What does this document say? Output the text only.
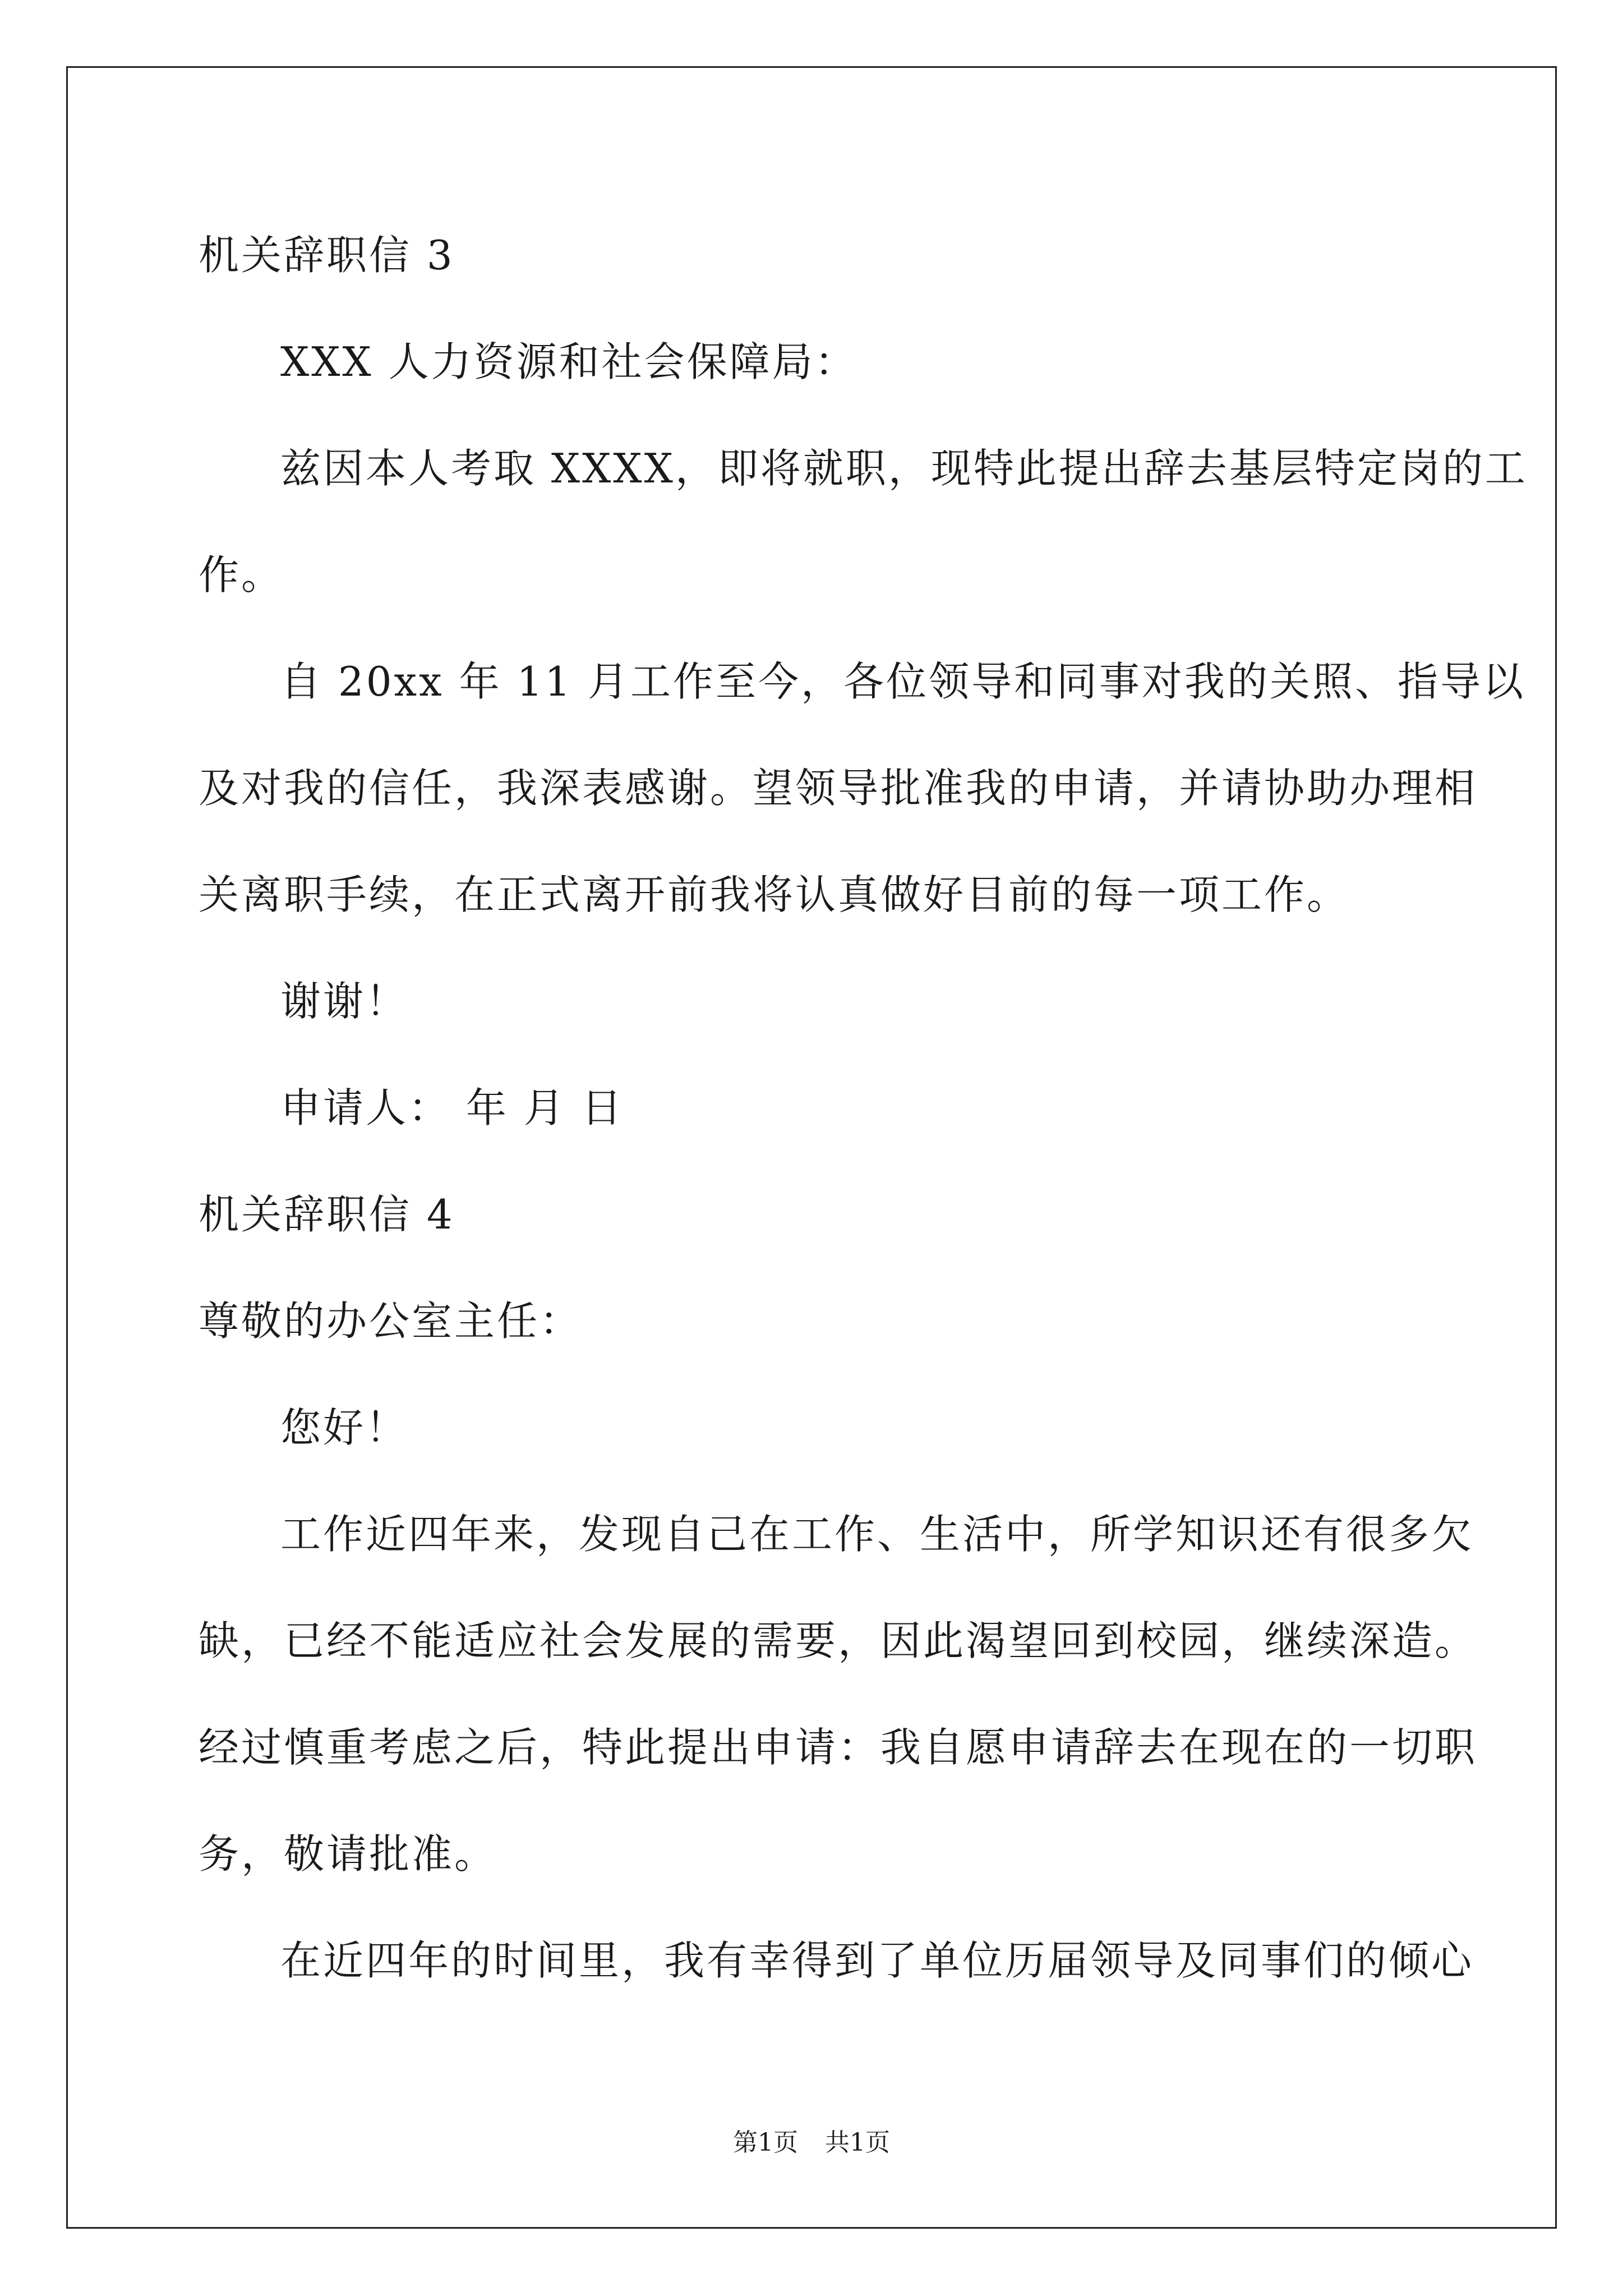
机关辞职信 3
XXX 人力资源和社会保障局：
兹因本人考取 XXXX，即将就职，现特此提出辞去基层特定岗的工
作。
自 20xx 年 11 月工作至今，各位领导和同事对我的关照、指导以
及对我的信任，我深表感谢。望领导批准我的申请，并请协助办理相
关离职手续，在正式离开前我将认真做好目前的每一项工作。
谢谢！
申请人： 年 月 日
机关辞职信 4
尊敬的办公室主任：
您好！
工作近四年来，发现自己在工作、生活中，所学知识还有很多欠
缺，已经不能适应社会发展的需要，因此渴望回到校园，继续深造。
经过慎重考虑之后，特此提出申请：我自愿申请辞去在现在的一切职
务，敬请批准。
在近四年的时间里，我有幸得到了单位历届领导及同事们的倾心
第1页 共1页
